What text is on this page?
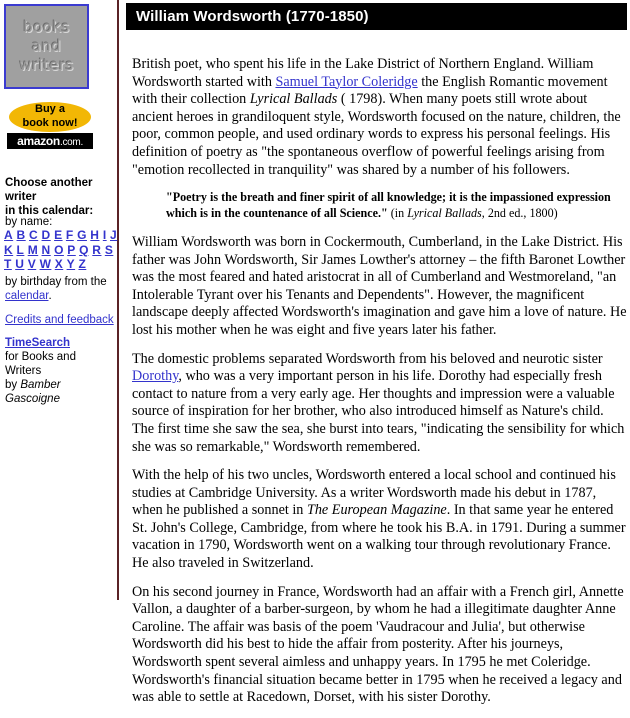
books
and
writers
Buy a
book now!
amazon.com.
Choose another writer
in this calendar:
by name:
A B C D E F G H I J K L M N O P Q R S T U V W X Y Z
by birthday from the
calendar.
Credits and feedback
TimeSearch
for Books and Writers
by Bamber Gascoigne
William Wordsworth (1770-1850)

British poet, who spent his life in the Lake District of Northern England. William Wordsworth started with Samuel Taylor Coleridge the English Romantic movement with their collection Lyrical Ballads ( 1798). When many poets still wrote about ancient heroes in grandiloquent style, Wordsworth focused on the nature, children, the poor, common people, and used ordinary words to express his personal feelings. His definition of poetry as "the spontaneous overflow of powerful feelings arising from "emotion recollected in tranquility" was shared by a number of his followers.

"Poetry is the breath and finer spirit of all knowledge; it is the impassioned expression which is in the countenance of all Science." (in Lyrical Ballads, 2nd ed., 1800)

William Wordsworth was born in Cockermouth, Cumberland, in the Lake District. His father was John Wordsworth, Sir James Lowther's attorney – the fifth Baronet Lowther was the most feared and hated aristocrat in all of Cumberland and Westmoreland, "an Intolerable Tyrant over his Tenants and Dependents". However, the magnificent landscape deeply affected Wordsworth's imagination and gave him a love of nature. He lost his mother when he was eight and five years later his father.

The domestic problems separated Wordsworth from his beloved and neurotic sister Dorothy, who was a very important person in his life. Dorothy had especially fresh contact to nature from a very early age. Her thoughts and impression were a valuable source of inspiration for her brother, who also introduced himself as Nature's child. The first time she saw the sea, she burst into tears, "indicating the sensibility for which she was so remarkable," Wordsworth remembered.

With the help of his two uncles, Wordsworth entered a local school and continued his studies at Cambridge University. As a writer Wordsworth made his debut in 1787, when he published a sonnet in The European Magazine. In that same year he entered St. John's College, Cambridge, from where he took his B.A. in 1791. During a summer vacation in 1790, Wordsworth went on a walking tour through revolutionary France. He also traveled in Switzerland.

On his second journey in France, Wordsworth had an affair with a French girl, Annette Vallon, a daughter of a barber-surgeon, by whom he had a illegitimate daughter Anne Caroline. The affair was basis of the poem 'Vaudracour and Julia', but otherwise Wordsworth did his best to hide the affair from posterity. After his journeys, Wordsworth spent several aimless and unhappy years. In 1795 he met Coleridge. Wordsworth's financial situation became better in 1795 when he received a legacy and was able to settle at Racedown, Dorset, with his sister Dorothy.
